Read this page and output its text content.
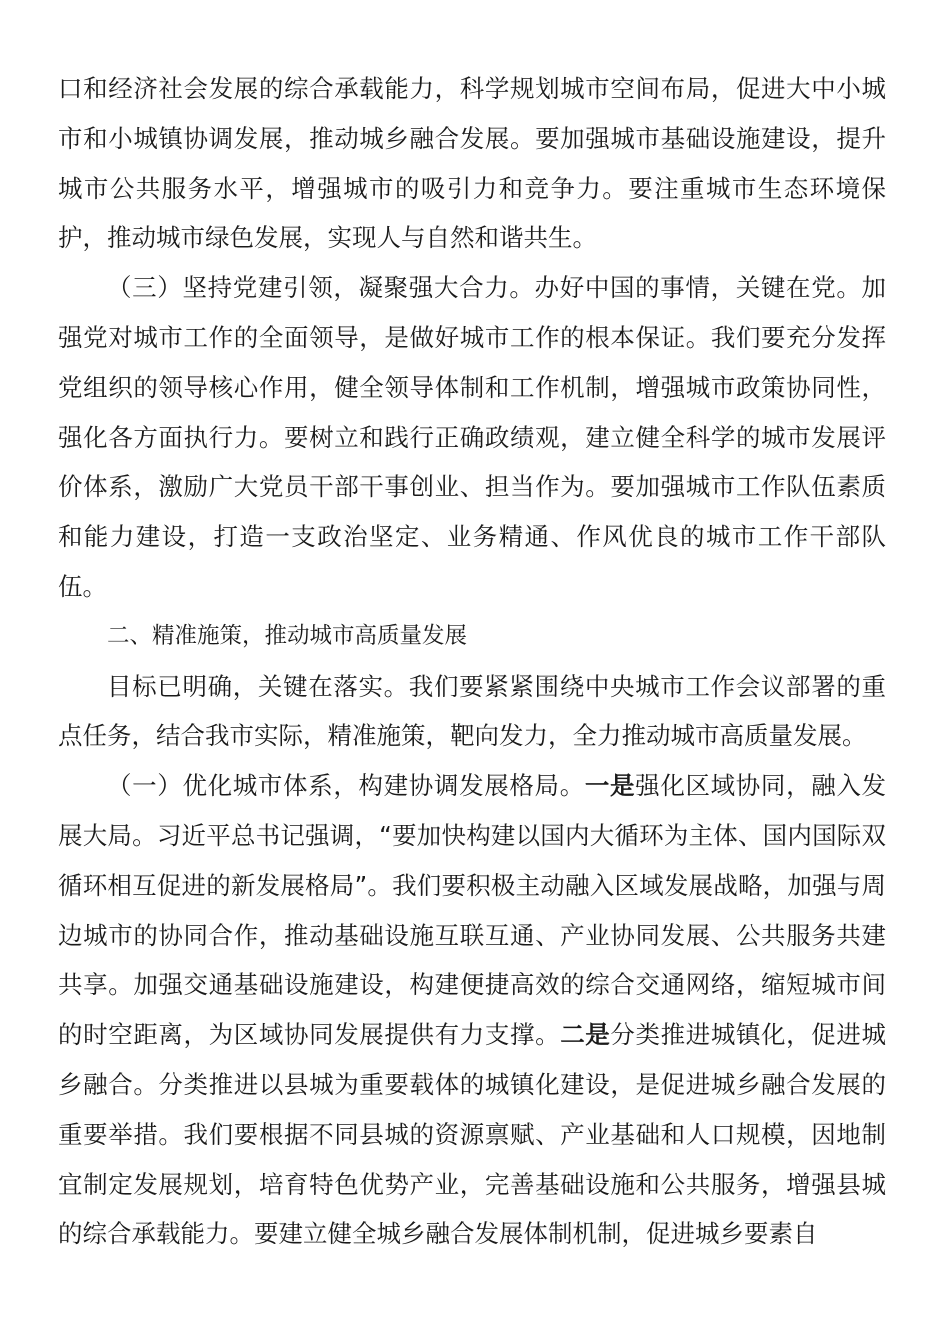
口和经济社会发展的综合承载能力，科学规划城市空间布局，促进大中小城市和小城镇协调发展，推动城乡融合发展。要加强城市基础设施建设，提升城市公共服务水平，增强城市的吸引力和竞争力。要注重城市生态环境保护，推动城市绿色发展，实现人与自然和谐共生。

（三）坚持党建引领，凝聚强大合力。办好中国的事情，关键在党。加强党对城市工作的全面领导，是做好城市工作的根本保证。我们要充分发挥党组织的领导核心作用，健全领导体制和工作机制，增强城市政策协同性，强化各方面执行力。要树立和践行正确政绩观，建立健全科学的城市发展评价体系，激励广大党员干部干事创业、担当作为。要加强城市工作队伍素质和能力建设，打造一支政治坚定、业务精通、作风优良的城市工作干部队伍。

二、精准施策，推动城市高质量发展

目标已明确，关键在落实。我们要紧紧围绕中央城市工作会议部署的重点任务，结合我市实际，精准施策，靶向发力，全力推动城市高质量发展。

（一）优化城市体系，构建协调发展格局。一是强化区域协同，融入发展大局。习近平总书记强调，“要加快构建以国内大循环为主体、国内国际双循环相互促进的新发展格局”。我们要积极主动融入区域发展战略，加强与周边城市的协同合作，推动基础设施互联互通、产业协同发展、公共服务共建共享。加强交通基础设施建设，构建便捷高效的综合交通网络，缩短城市间的时空距离，为区域协同发展提供有力支撑。二是分类推进城镇化，促进城乡融合。分类推进以县城为重要载体的城镇化建设，是促进城乡融合发展的重要举措。我们要根据不同县城的资源禀赋、产业基础和人口规模，因地制宜制定发展规划，培育特色优势产业，完善基础设施和公共服务，增强县城的综合承载能力。要建立健全城乡融合发展体制机制，促进城乡要素自
